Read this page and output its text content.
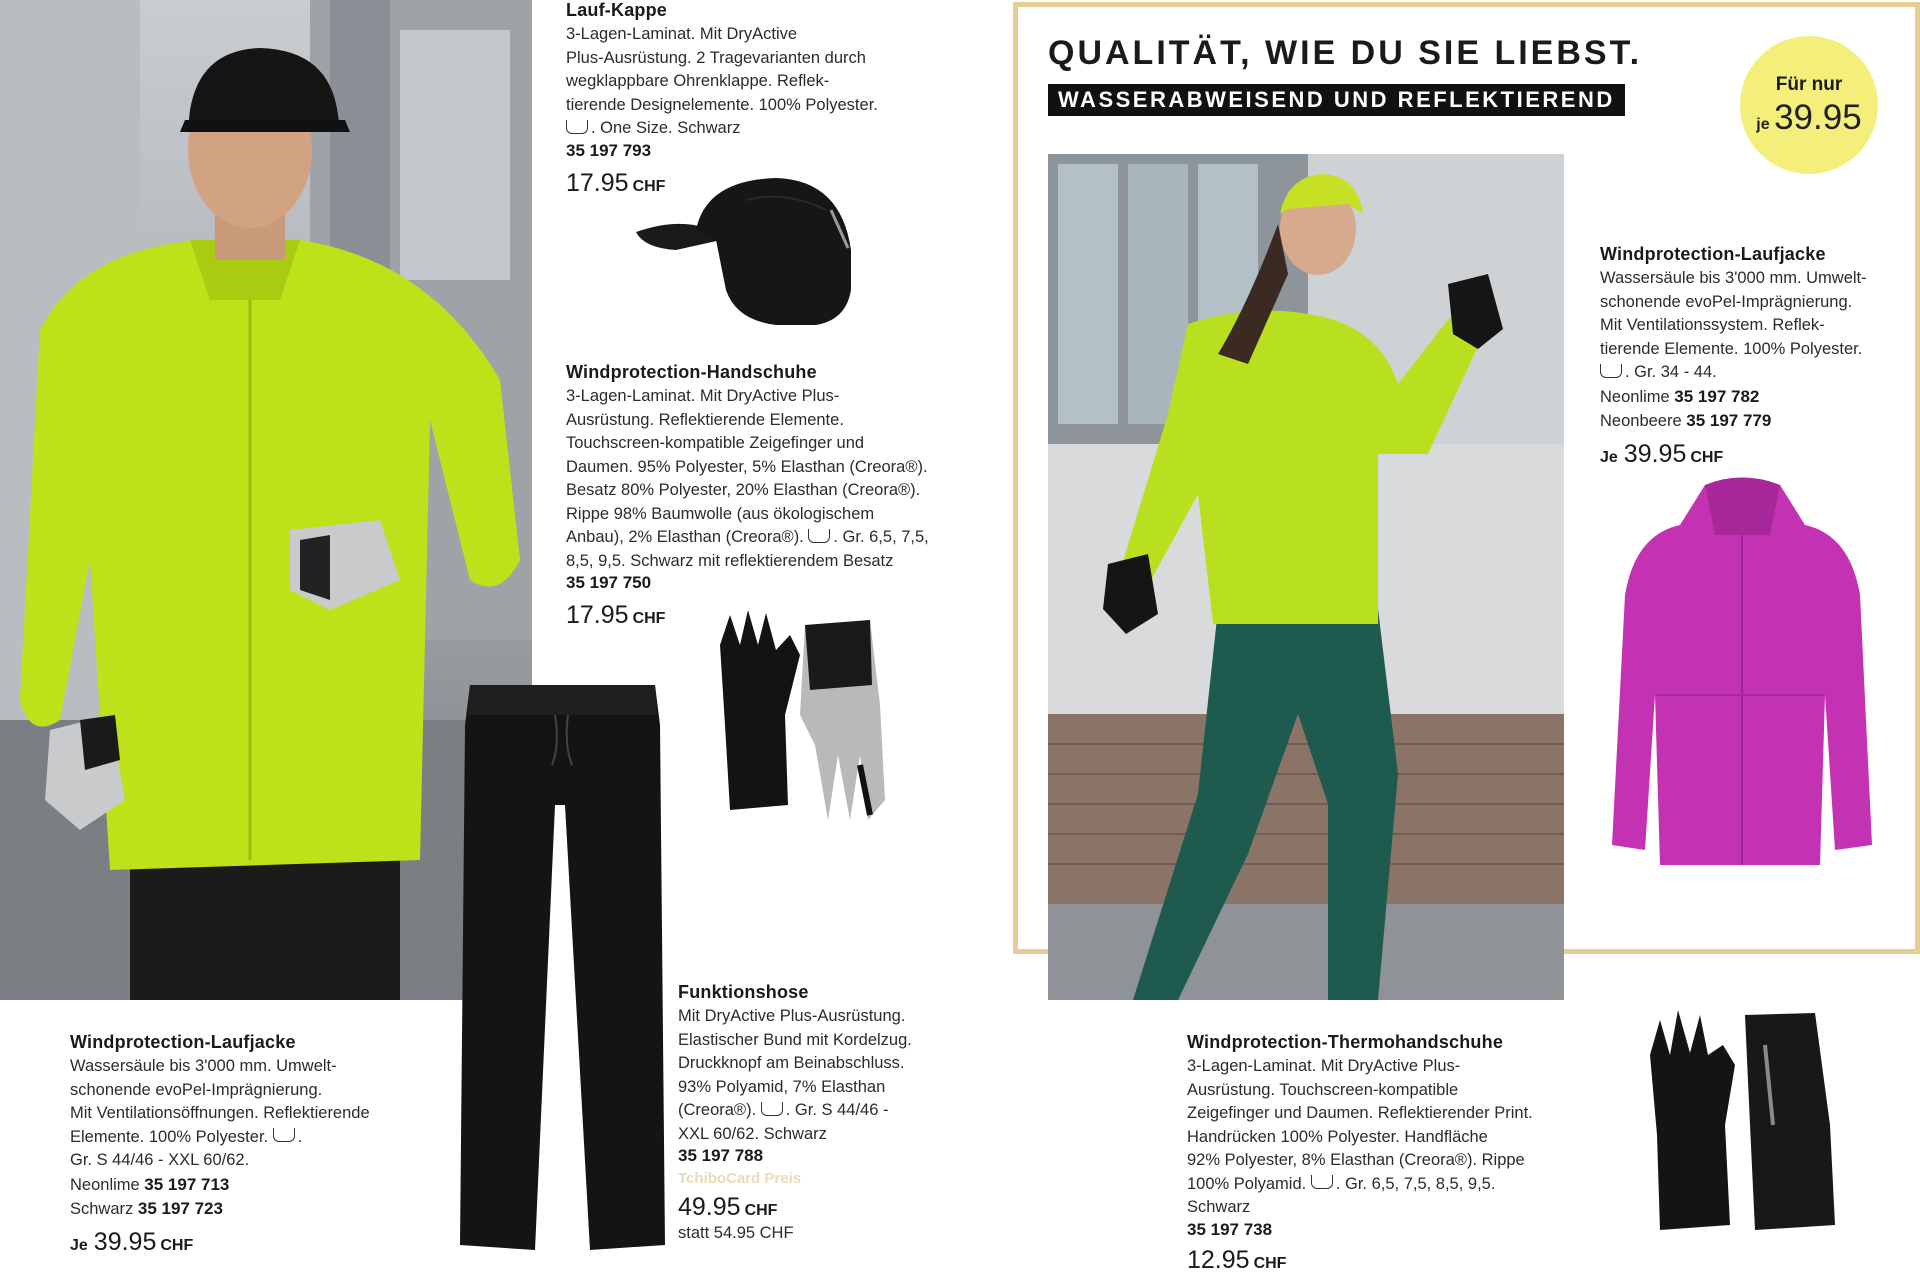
Lauf-Kappe
3-Lagen-Laminat. Mit DryActive
Plus-Ausrüstung. 2 Tragevarianten durch
wegklappbare Ohrenklappe. Reflek-
tierende Designelemente. 100% Polyester.
. One Size. Schwarz
35 197 793
17.95 CHF
Windprotection-Handschuhe
3-Lagen-Laminat. Mit DryActive Plus-
Ausrüstung. Reflektierende Elemente.
Touchscreen-kompatible Zeigefinger und
Daumen. 95% Polyester, 5% Elasthan (Creora®).
Besatz 80% Polyester, 20% Elasthan (Creora®).
Rippe 98% Baumwolle (aus ökologischem
Anbau), 2% Elasthan (Creora®). . Gr. 6,5, 7,5,
8,5, 9,5. Schwarz mit reflektierendem Besatz
35 197 750
17.95 CHF
Windprotection-Laufjacke
Wassersäule bis 3'000 mm. Umwelt-
schonende evoPel-Imprägnierung.
Mit Ventilationsöffnungen. Reflektierende
Elemente. 100% Polyester. .
Gr. S 44/46 - XXL 60/62.
Neonlime 35 197 713
Schwarz 35 197 723
Je 39.95 CHF
Funktionshose
Mit DryActive Plus-Ausrüstung.
Elastischer Bund mit Kordelzug.
Druckknopf am Beinabschluss.
93% Polyamid, 7% Elasthan
(Creora®). . Gr. S 44/46 -
XXL 60/62. Schwarz
35 197 788
TchiboCard Preis
49.95 CHF
statt 54.95 CHF
QUALITÄT, WIE DU SIE LIEBST.
WASSERABWEISEND UND REFLEKTIEREND
Für nur
je 39.95
Windprotection-Laufjacke
Wassersäule bis 3'000 mm. Umwelt-
schonende evoPel-Imprägnierung.
Mit Ventilationssystem. Reflek-
tierende Elemente. 100% Polyester.
. Gr. 34 - 44.
Neonlime 35 197 782
Neonbeere 35 197 779
Je 39.95 CHF
Windprotection-Thermohandschuhe
3-Lagen-Laminat. Mit DryActive Plus-
Ausrüstung. Touchscreen-kompatible
Zeigefinger und Daumen. Reflektierender Print.
Handrücken 100% Polyester. Handfläche
92% Polyester, 8% Elasthan (Creora®). Rippe
100% Polyamid. . Gr. 6,5, 7,5, 8,5, 9,5.
Schwarz
35 197 738
12.95 CHF
